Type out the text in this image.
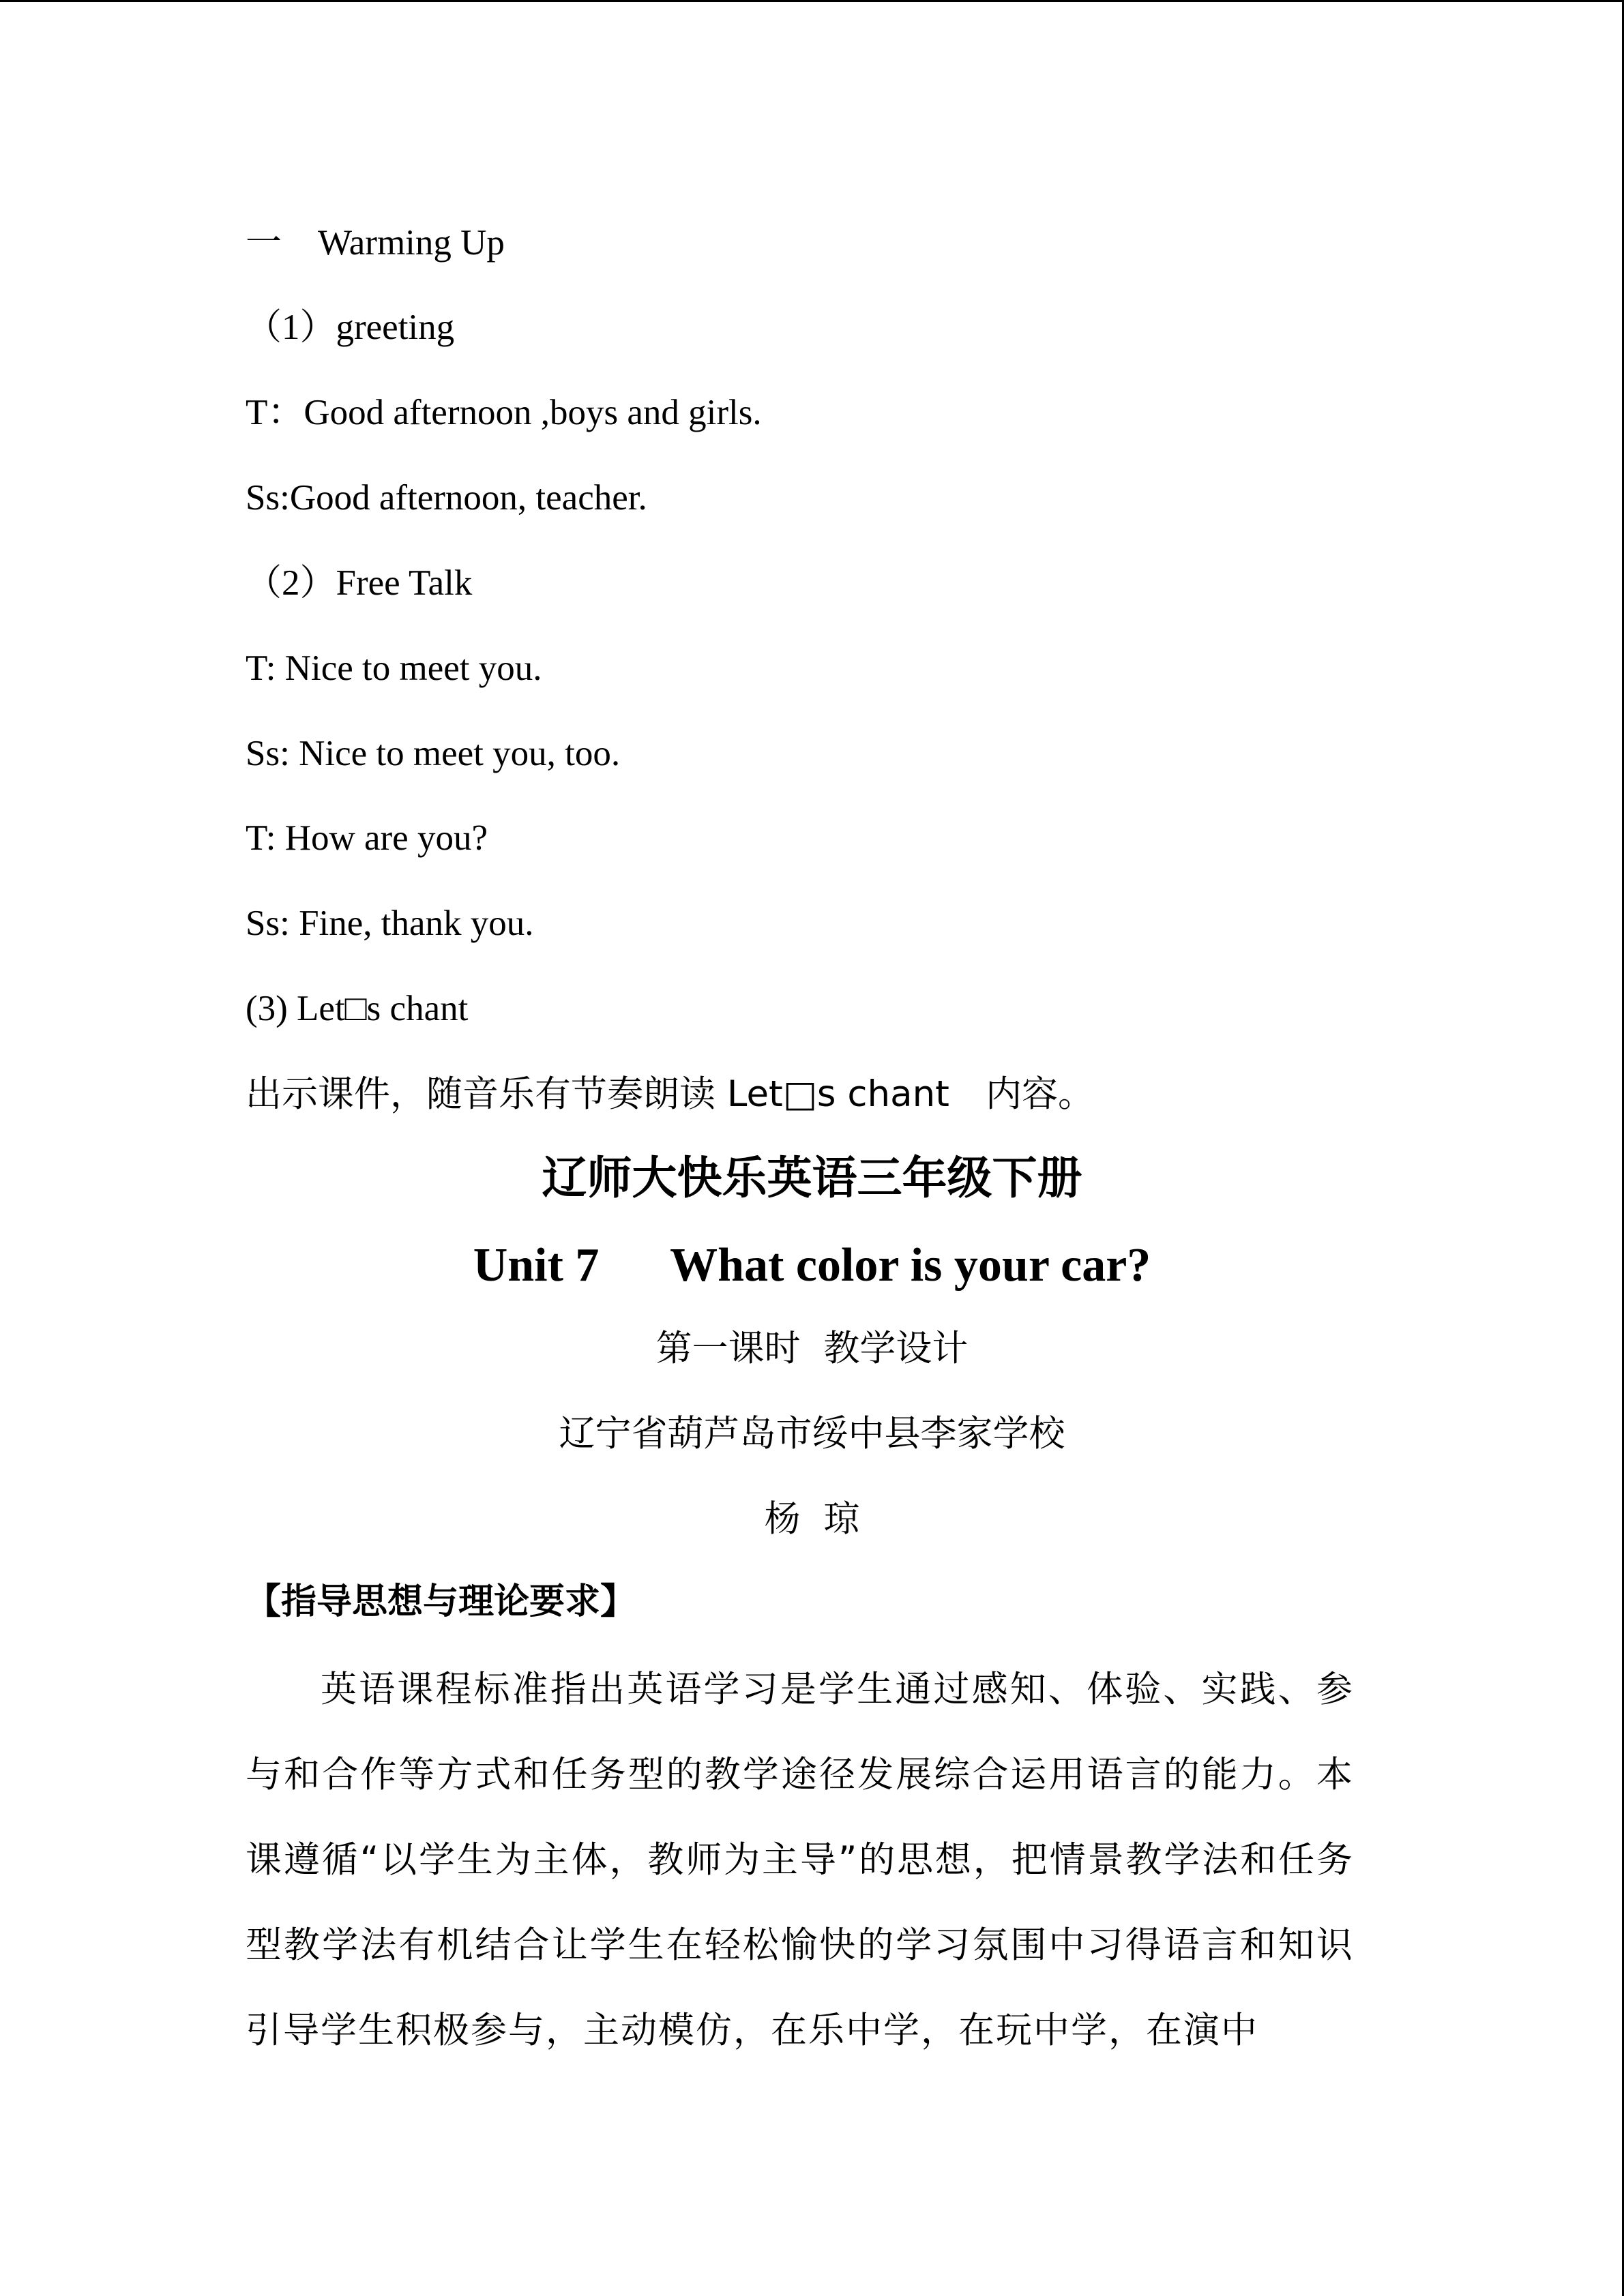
一　Warming Up
（1）greeting
T：Good afternoon ,boys and girls.
Ss:Good afternoon, teacher.
（2）Free Talk
T: Nice to meet you.
Ss: Nice to meet you, too.
T: How are you?
Ss: Fine, thank you.
(3) Let□s chant
出示课件，随音乐有节奏朗读 Let□s chant　内容。
辽师大快乐英语三年级下册
Unit 7      What color is your car?
第一课时  教学设计
辽宁省葫芦岛市绥中县李家学校
杨  琼
【指导思想与理论要求】
英语课程标准指出英语学习是学生通过感知、体验、实践、参与和合作等方式和任务型的教学途径发展综合运用语言的能力。本课遵循“以学生为主体，教师为主导”的思想，把情景教学法和任务型教学法有机结合让学生在轻松愉快的学习氛围中习得语言和知识引导学生积极参与，主动模仿，在乐中学，在玩中学，在演中
